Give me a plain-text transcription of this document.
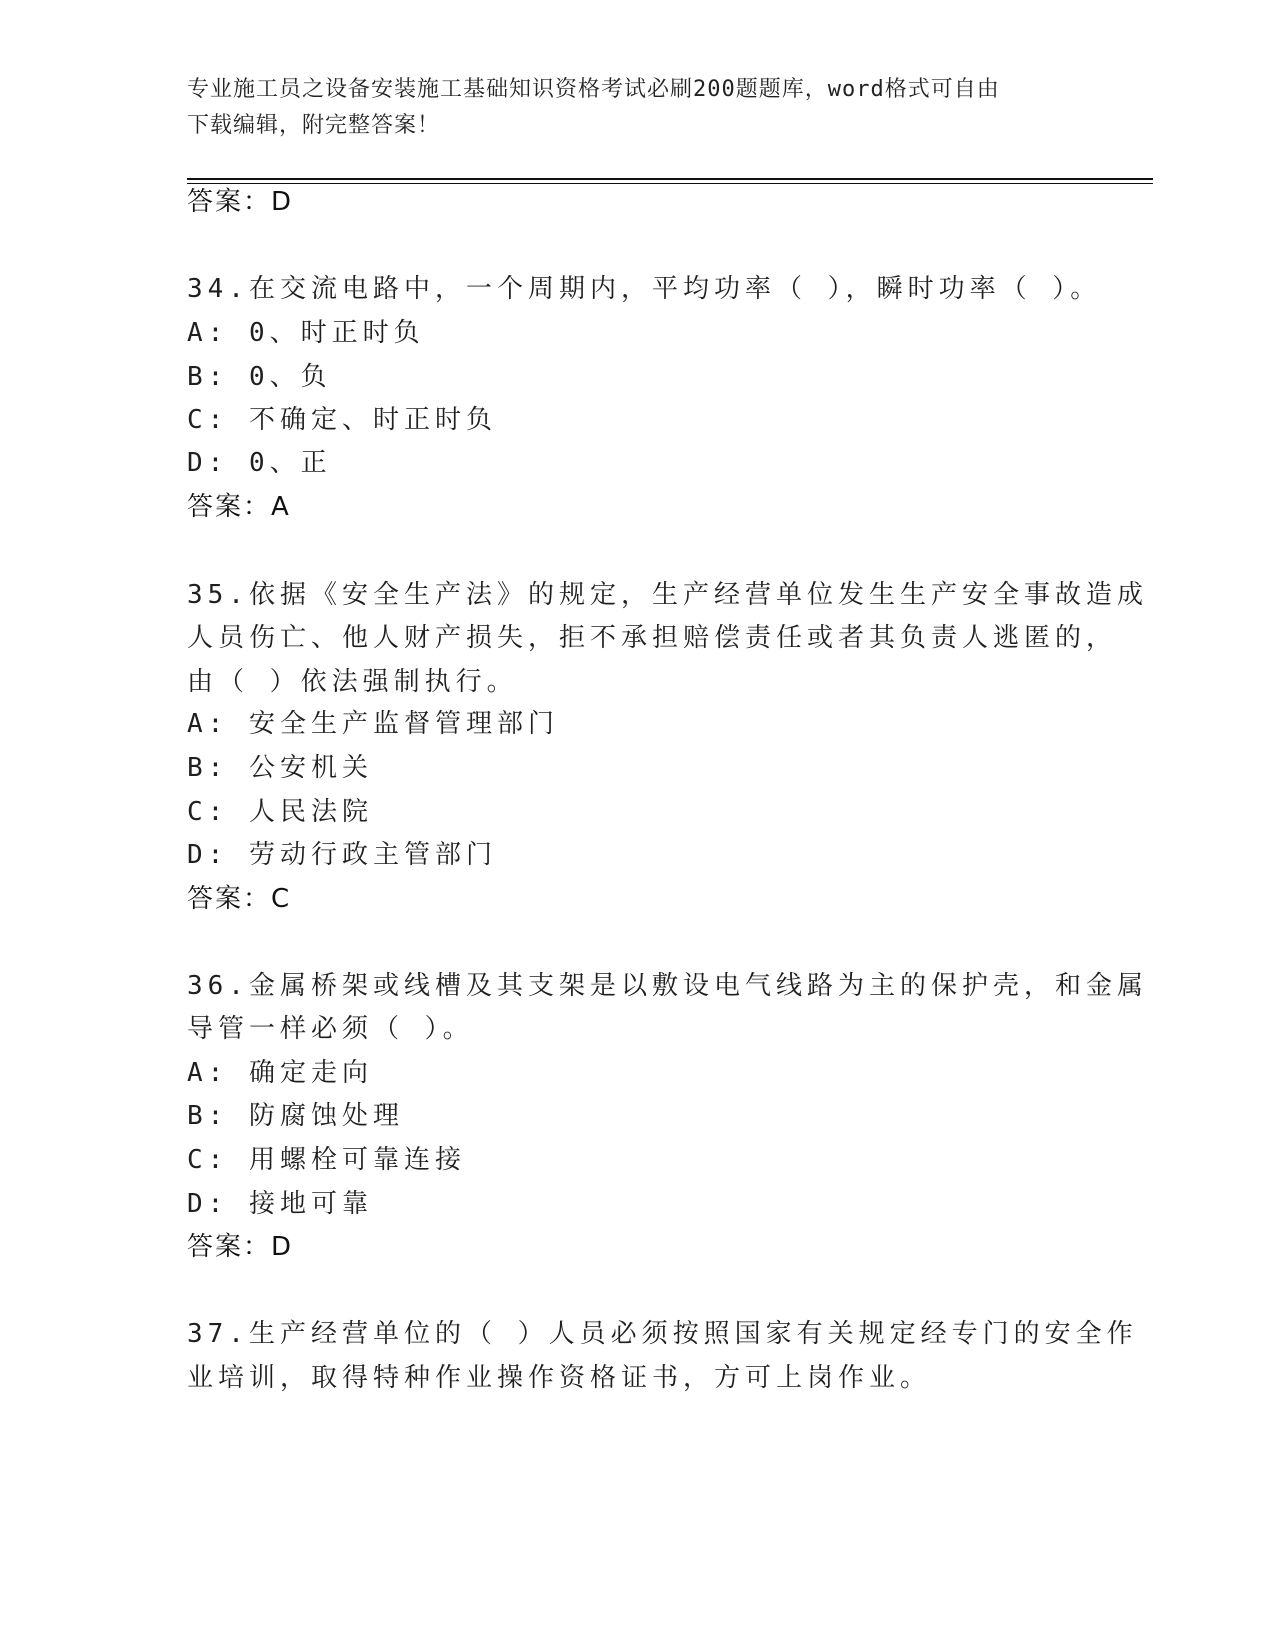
专业施工员之设备安装施工基础知识资格考试必刷200题题库，word格式可自由
下载编辑，附完整答案！
答案：D
34.在交流电路中，一个周期内，平均功率（ ），瞬时功率（ ）。
A: 0、时正时负
B: 0、负
C: 不确定、时正时负
D: 0、正
答案：A
35.依据《安全生产法》的规定，生产经营单位发生生产安全事故造成
人员伤亡、他人财产损失，拒不承担赔偿责任或者其负责人逃匿的，
由（ ）依法强制执行。
A: 安全生产监督管理部门
B: 公安机关
C: 人民法院
D: 劳动行政主管部门
答案：C
36.金属桥架或线槽及其支架是以敷设电气线路为主的保护壳，和金属
导管一样必须（ ）。
A: 确定走向
B: 防腐蚀处理
C: 用螺栓可靠连接
D: 接地可靠
答案：D
37.生产经营单位的（ ）人员必须按照国家有关规定经专门的安全作
业培训，取得特种作业操作资格证书，方可上岗作业。
